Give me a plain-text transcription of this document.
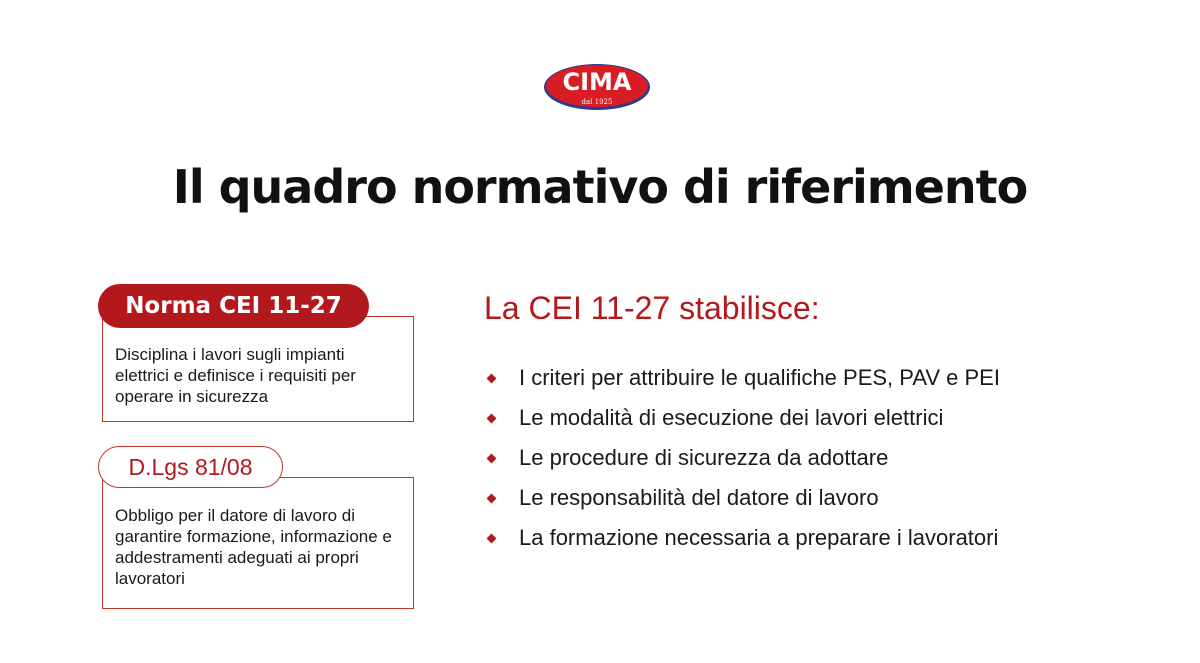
CIMA
dal 1925
Il quadro normativo di riferimento
Disciplina i lavori sugli impianti elettrici e definisce i requisiti per operare in sicurezza
Norma CEI 11-27
Obbligo per il datore di lavoro di garantire formazione, informazione e addestramenti adeguati ai propri lavoratori
D.Lgs 81/08
La CEI 11-27 stabilisce:
I criteri per attribuire le qualifiche PES, PAV e PEI
Le modalità di esecuzione dei lavori elettrici
Le procedure di sicurezza da adottare
Le responsabilità del datore di lavoro
La formazione necessaria a preparare i lavoratori
